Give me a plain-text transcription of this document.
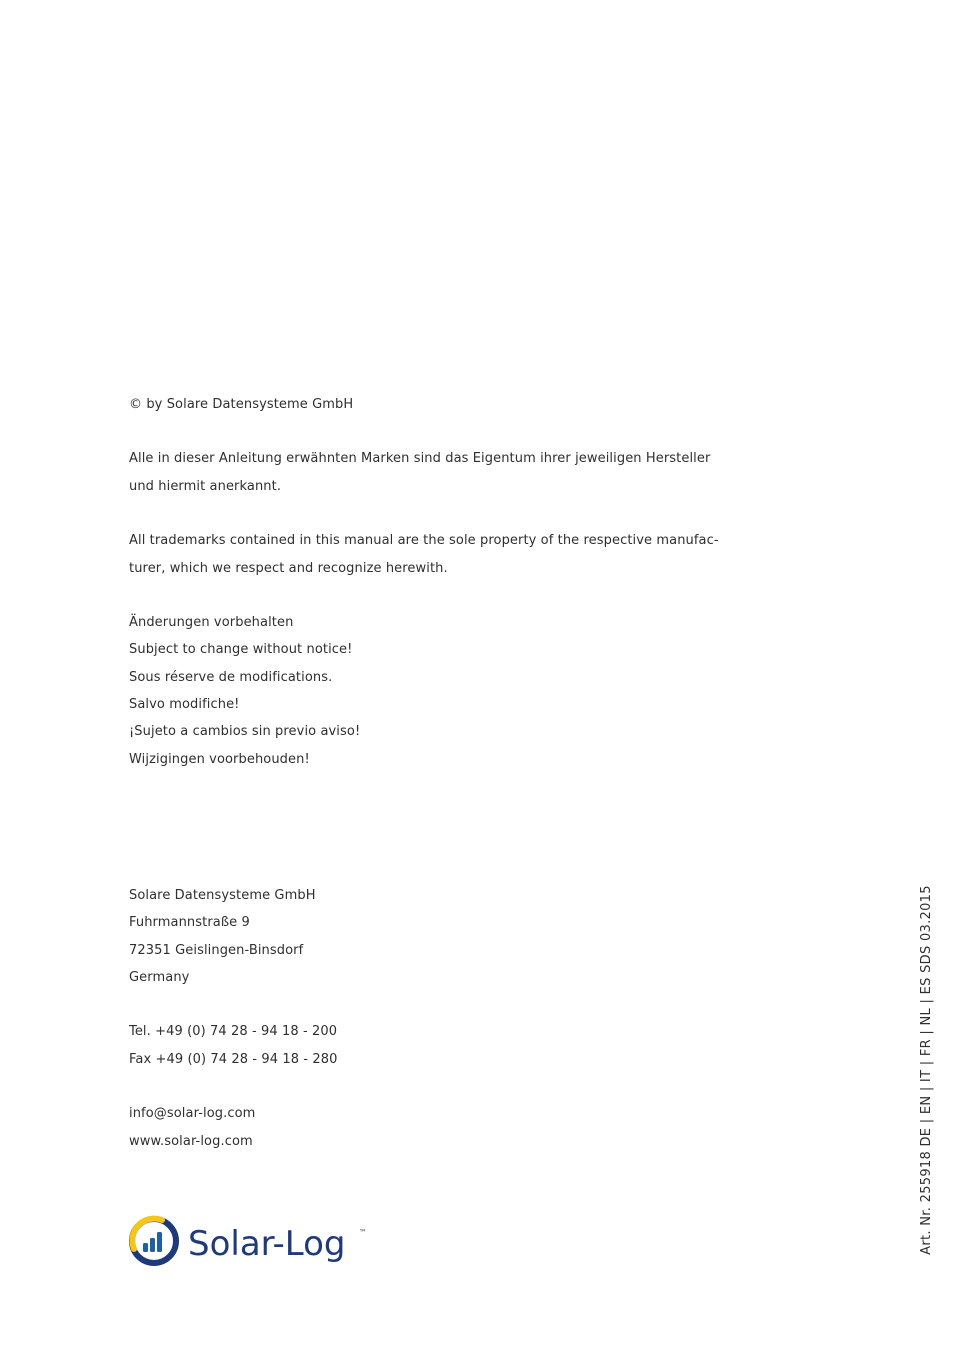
© by Solare Datensysteme GmbH
Alle in dieser Anleitung erwähnten Marken sind das Eigentum ihrer jeweiligen Hersteller
und hiermit anerkannt.
All trademarks contained in this manual are the sole property of the respective manufac-
turer, which we respect and recognize herewith.
Änderungen vorbehalten
Subject to change without notice!
Sous réserve de modifications.
Salvo modifiche!
¡Sujeto a cambios sin previo aviso!
Wijzigingen voorbehouden!
Solare Datensysteme GmbH
Fuhrmannstraße 9
72351 Geislingen-Binsdorf
Germany
Tel. +49 (0) 74 28 - 94 18 - 200
Fax +49 (0) 74 28 - 94 18 - 280
info@solar-log.com
www.solar-log.com	Art. Nr. 255918 DE | EN | IT | FR | NL | ES SDS 03.2015
Solar-Log ™
